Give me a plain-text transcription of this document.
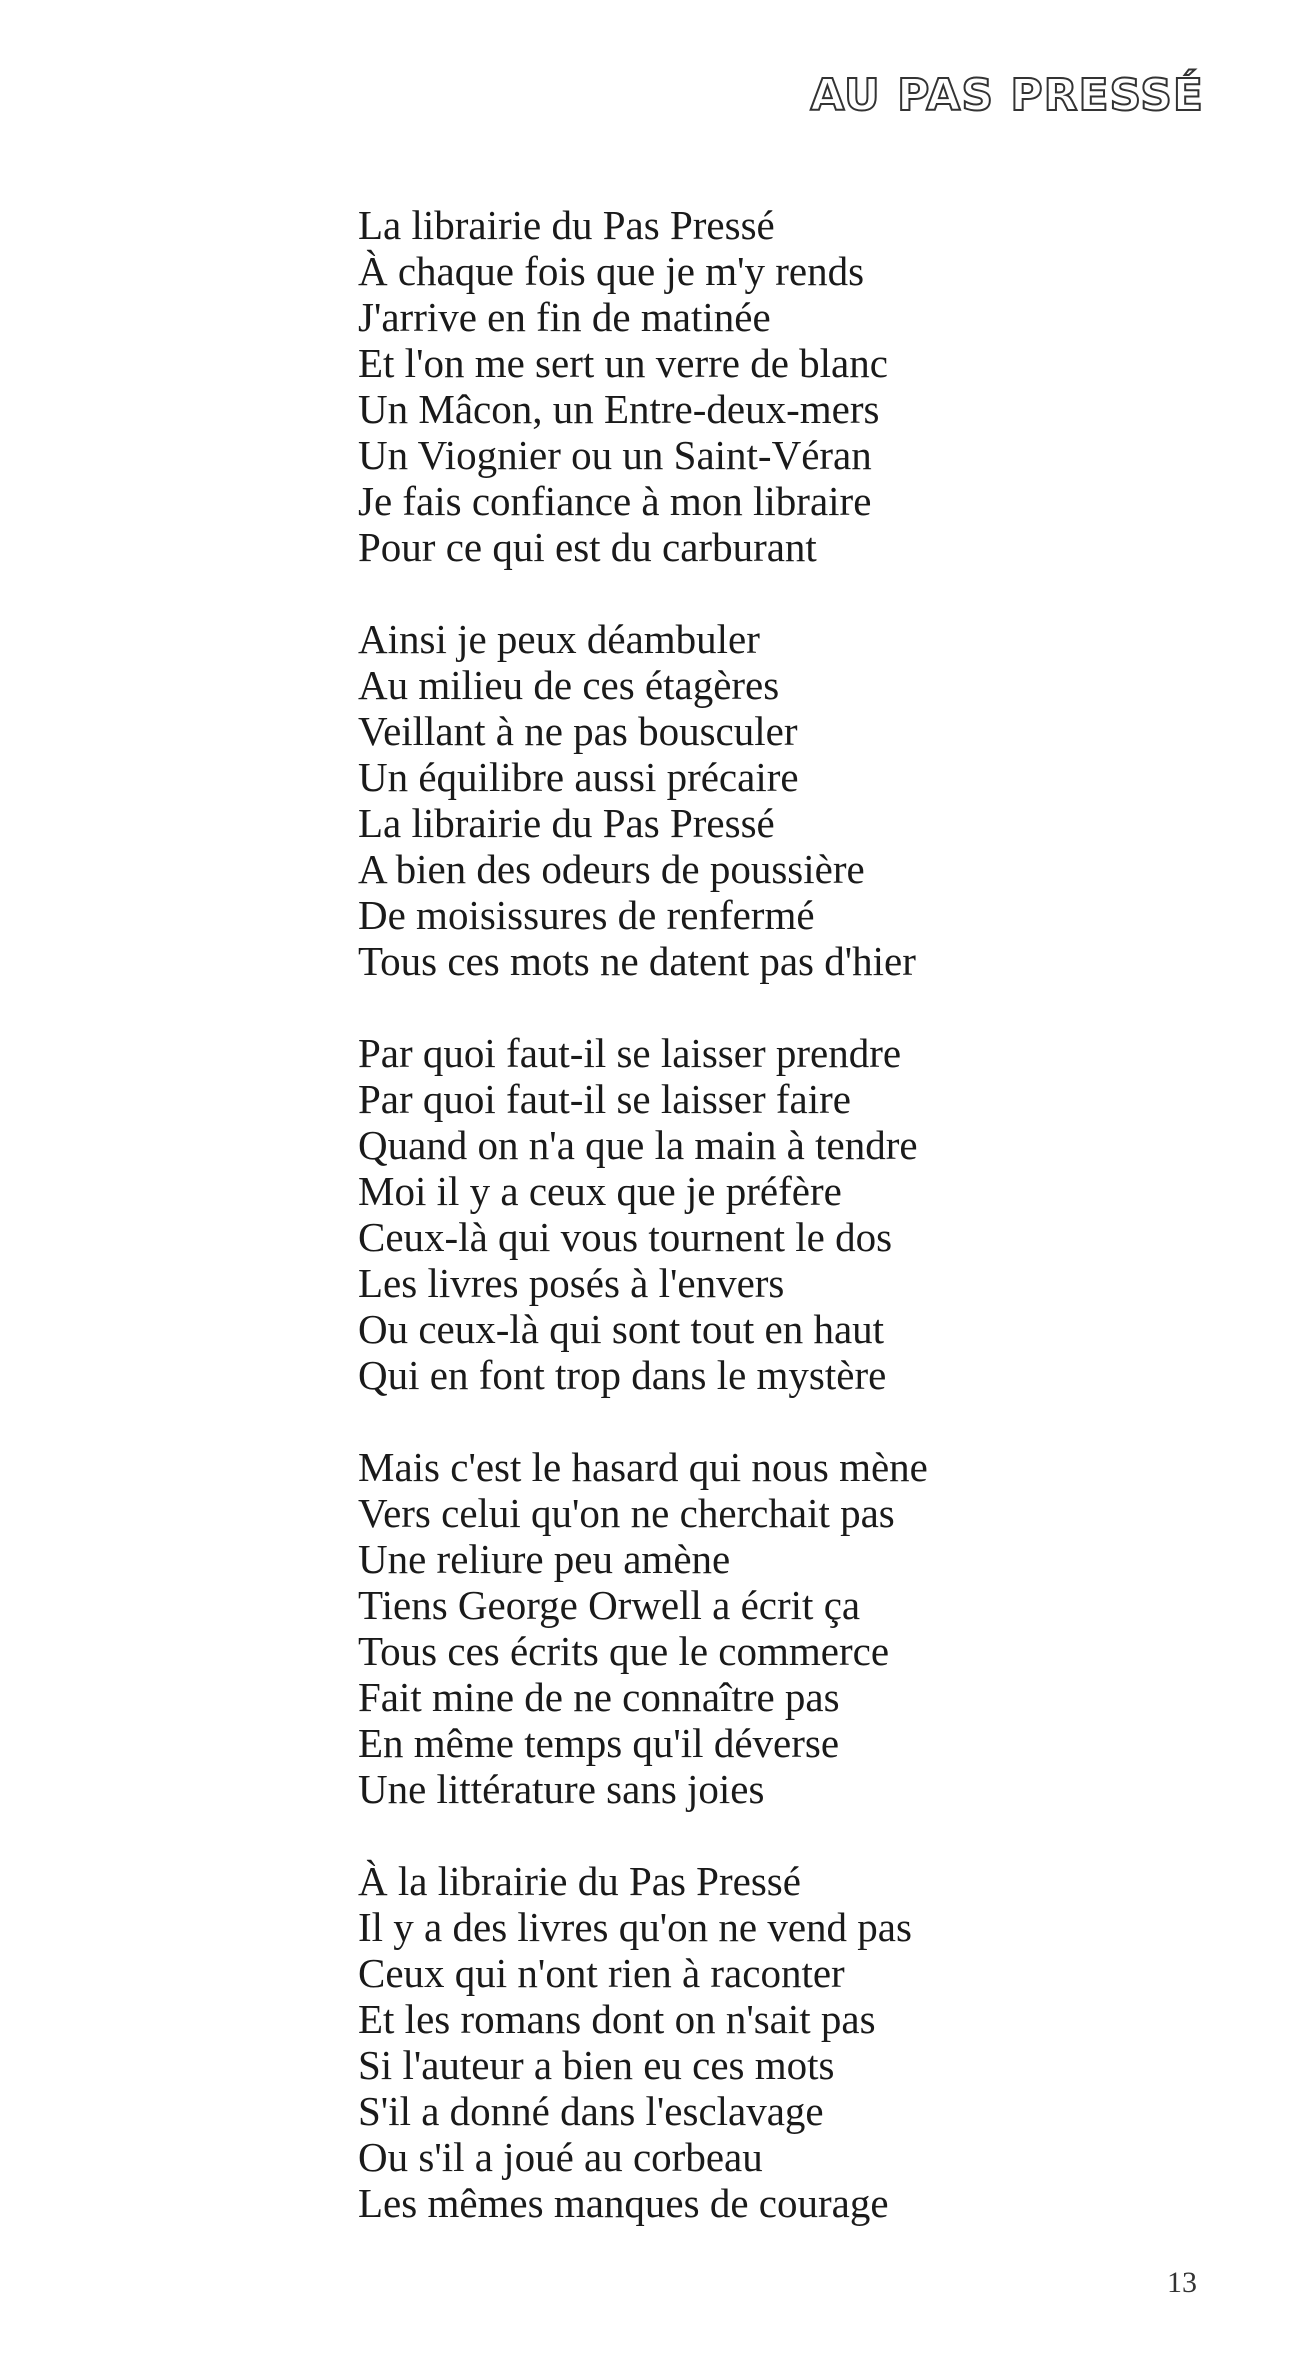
AU PAS PRESSÉ
La librairie du Pas Pressé
À chaque fois que je m'y rends
J'arrive en fin de matinée
Et l'on me sert un verre de blanc
Un Mâcon, un Entre-deux-mers
Un Viognier ou un Saint-Véran
Je fais confiance à mon libraire
Pour ce qui est du carburant
Ainsi je peux déambuler
Au milieu de ces étagères
Veillant à ne pas bousculer
Un équilibre aussi précaire
La librairie du Pas Pressé
A bien des odeurs de poussière
De moisissures de renfermé
Tous ces mots ne datent pas d'hier
Par quoi faut-il se laisser prendre
Par quoi faut-il se laisser faire
Quand on n'a que la main à tendre
Moi il y a ceux que je préfère
Ceux-là qui vous tournent le dos
Les livres posés à l'envers
Ou ceux-là qui sont tout en haut
Qui en font trop dans le mystère
Mais c'est le hasard qui nous mène
Vers celui qu'on ne cherchait pas
Une reliure peu amène
Tiens George Orwell a écrit ça
Tous ces écrits que le commerce
Fait mine de ne connaître pas
En même temps qu'il déverse
Une littérature sans joies
À la librairie du Pas Pressé
Il y a des livres qu'on ne vend pas
Ceux qui n'ont rien à raconter
Et les romans dont on n'sait pas
Si l'auteur a bien eu ces mots
S'il a donné dans l'esclavage
Ou s'il a joué au corbeau
Les mêmes manques de courage
13
